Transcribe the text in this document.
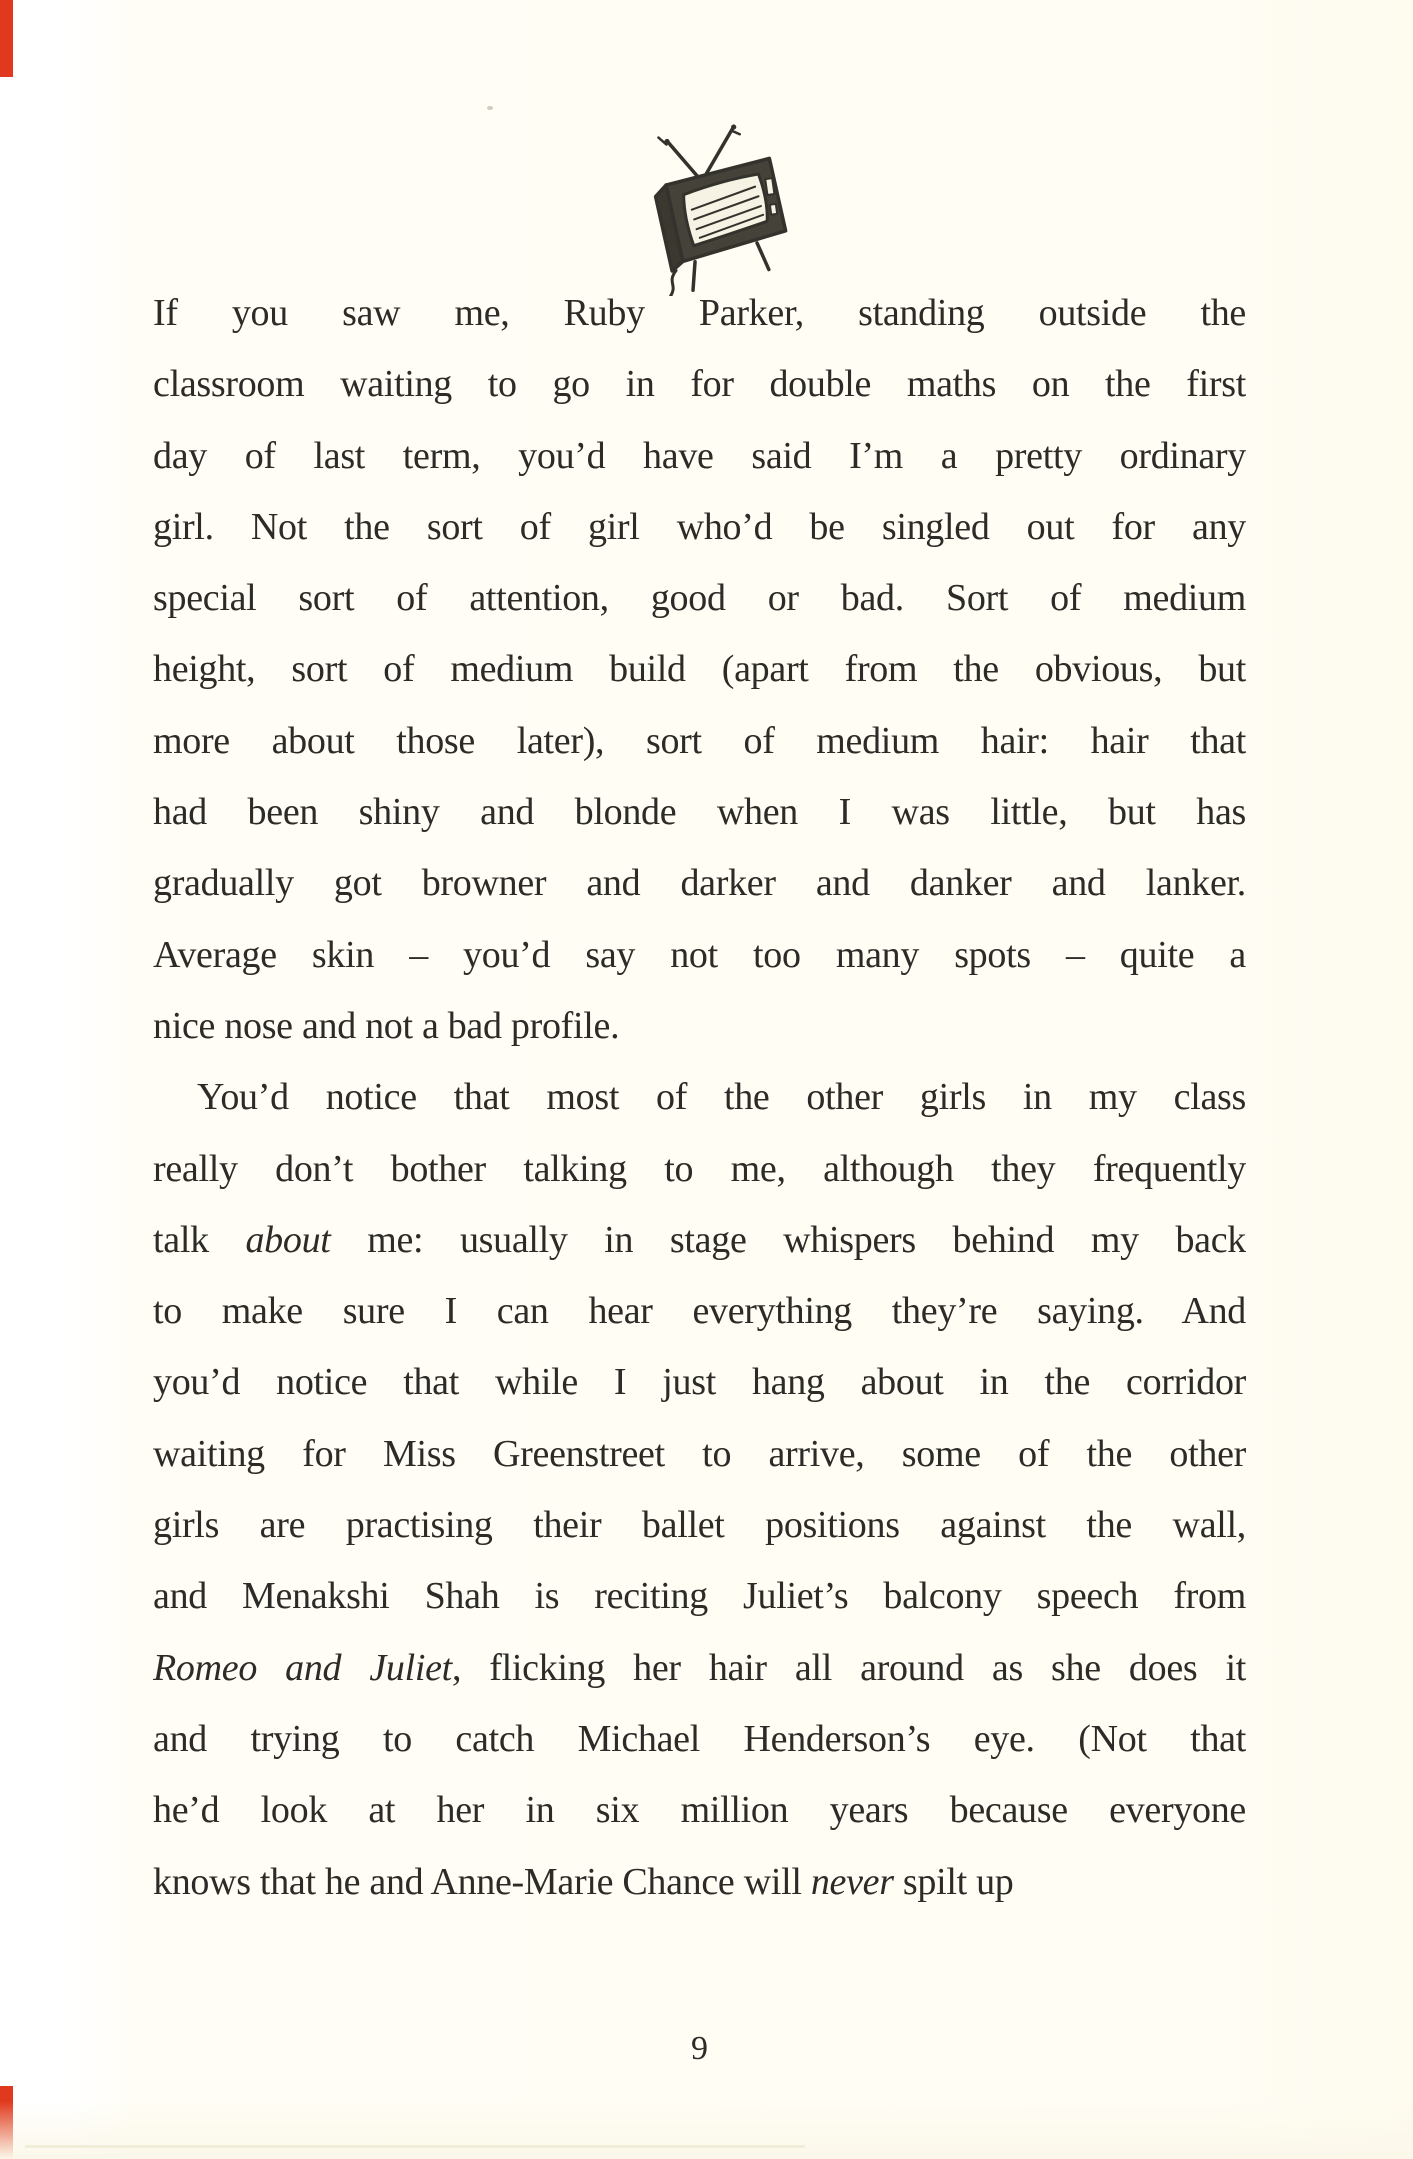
If you saw me, Ruby Parker, standing outside the
classroom waiting to go in for double maths on the first
day of last term, you’d have said I’m a pretty ordinary
girl. Not the sort of girl who’d be singled out for any
special sort of attention, good or bad. Sort of medium
height, sort of medium build (apart from the obvious, but
more about those later), sort of medium hair: hair that
had been shiny and blonde when I was little, but has
gradually got browner and darker and danker and lanker.
Average skin – you’d say not too many spots – quite a
nice nose and not a bad profile.
You’d notice that most of the other girls in my class
really don’t bother talking to me, although they frequently
talk about me: usually in stage whispers behind my back
to make sure I can hear everything they’re saying. And
you’d notice that while I just hang about in the corridor
waiting for Miss Greenstreet to arrive, some of the other
girls are practising their ballet positions against the wall,
and Menakshi Shah is reciting Juliet’s balcony speech from
Romeo and Juliet, flicking her hair all around as she does it
and trying to catch Michael Henderson’s eye. (Not that
he’d look at her in six million years because everyone
knows that he and Anne-Marie Chance will never spilt up
9
